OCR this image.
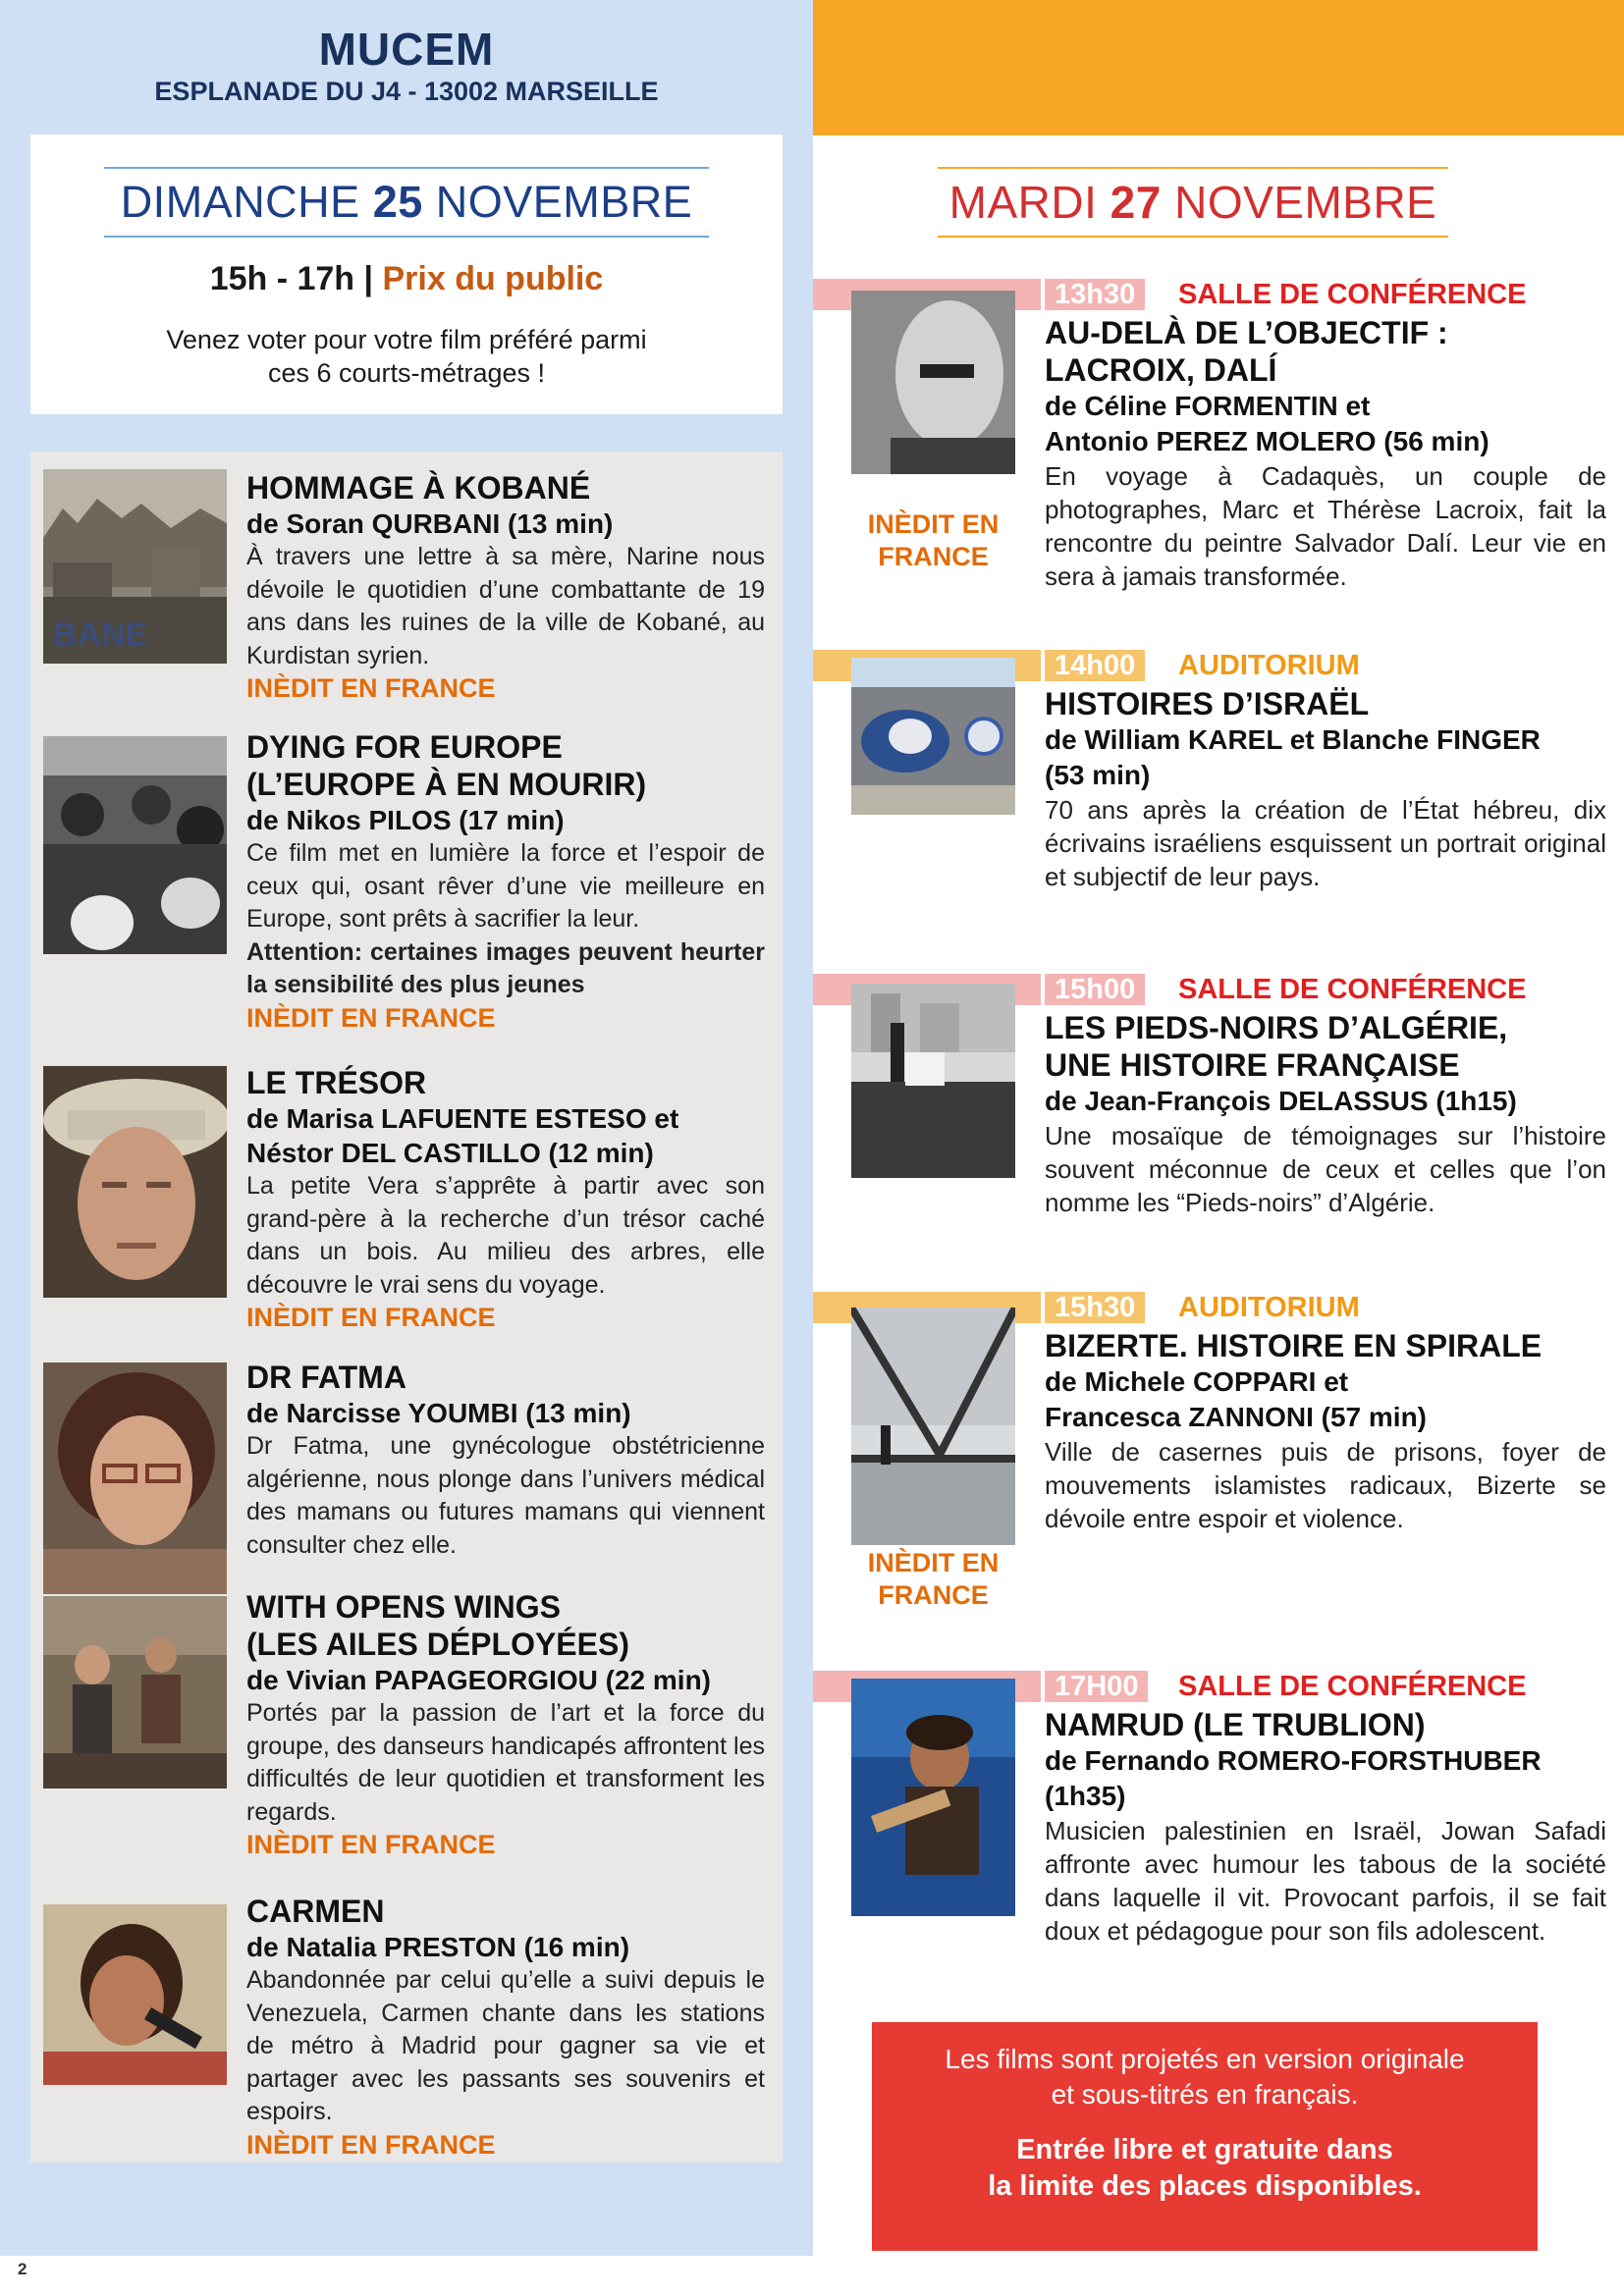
MUCEM
ESPLANADE DU J4 - 13002 MARSEILLE
DIMANCHE 25 NOVEMBRE
15h - 17h | Prix du public
Venez voter pour votre film préféré parmi
ces 6 courts-métrages !
BANE
HOMMAGE À KOBANÉ
de Soran QURBANI (13 min)
À travers une lettre à sa mère, Narine nous dévoile le quotidien d’une combattante de 19 ans dans les ruines de la ville de Kobané, au Kurdistan syrien.
INÈDIT EN FRANCE
DYING FOR EUROPE
(L’EUROPE À EN MOURIR)
de Nikos PILOS (17 min)
Ce film met en lumière la force et l’espoir de ceux qui, osant rêver d’une vie meilleure en Europe, sont prêts à sacrifier la leur.
Attention: certaines images peuvent heurter la sensibilité des plus jeunes
INÈDIT EN FRANCE
LE TRÉSOR
de Marisa LAFUENTE ESTESO et
Néstor DEL CASTILLO (12 min)
La petite Vera s’apprête à partir avec son grand-père à la recherche d’un trésor caché dans un bois. Au milieu des arbres, elle découvre le vrai sens du voyage.
INÈDIT EN FRANCE
DR FATMA
de Narcisse YOUMBI (13 min)
Dr Fatma, une gynécologue obstétricienne algérienne, nous plonge dans l’univers médical des mamans ou futures mamans qui viennent consulter chez elle.
WITH OPENS WINGS
(LES AILES DÉPLOYÉES)
de Vivian PAPAGEORGIOU (22 min)
Portés par la passion de l’art et la force du groupe, des danseurs handicapés affrontent les difficultés de leur quotidien et transforment les regards.
INÈDIT EN FRANCE
CARMEN
de Natalia PRESTON (16 min)
Abandonnée par celui qu’elle a suivi depuis le Venezuela, Carmen chante dans les stations de métro à Madrid pour gagner sa vie et partager avec les passants ses souvenirs et espoirs.
INÈDIT EN FRANCE
MARDI 27 NOVEMBRE
13h30	SALLE DE CONFÉRENCE
INÈDIT EN
FRANCE
AU-DELÀ DE L’OBJECTIF :
LACROIX, DALÍ
de Céline FORMENTIN et
Antonio PEREZ MOLERO (56 min)
En voyage à Cadaquès, un couple de photographes, Marc et Thérèse Lacroix, fait la rencontre du peintre Salvador Dalí. Leur vie en sera à jamais transformée.
14h00	AUDITORIUM
HISTOIRES D’ISRAËL
de William KAREL et Blanche FINGER
(53 min)
70 ans après la création de l’État hébreu, dix écrivains israéliens esquissent un portrait original et subjectif de leur pays.
15h00	SALLE DE CONFÉRENCE
LES PIEDS-NOIRS D’ALGÉRIE,
UNE HISTOIRE FRANÇAISE
de Jean-François DELASSUS (1h15)
Une mosaïque de témoignages sur l’histoire souvent méconnue de ceux et celles que l’on nomme les “Pieds-noirs” d’Algérie.
15h30	AUDITORIUM
INÈDIT EN
FRANCE
BIZERTE. HISTOIRE EN SPIRALE
de Michele COPPARI et
Francesca ZANNONI (57 min)
Ville de casernes puis de prisons, foyer de mouvements islamistes radicaux, Bizerte se dévoile entre espoir et violence.
17H00	SALLE DE CONFÉRENCE
NAMRUD (LE TRUBLION)
de Fernando ROMERO-FORSTHUBER
(1h35)
Musicien palestinien en Israël, Jowan Safadi affronte avec humour les tabous de la société dans laquelle il vit. Provocant parfois, il se fait doux et pédagogue pour son fils adolescent.
Les films sont projetés en version originale
et sous-titrés en français.
Entrée libre et gratuite dans
la limite des places disponibles.
2
